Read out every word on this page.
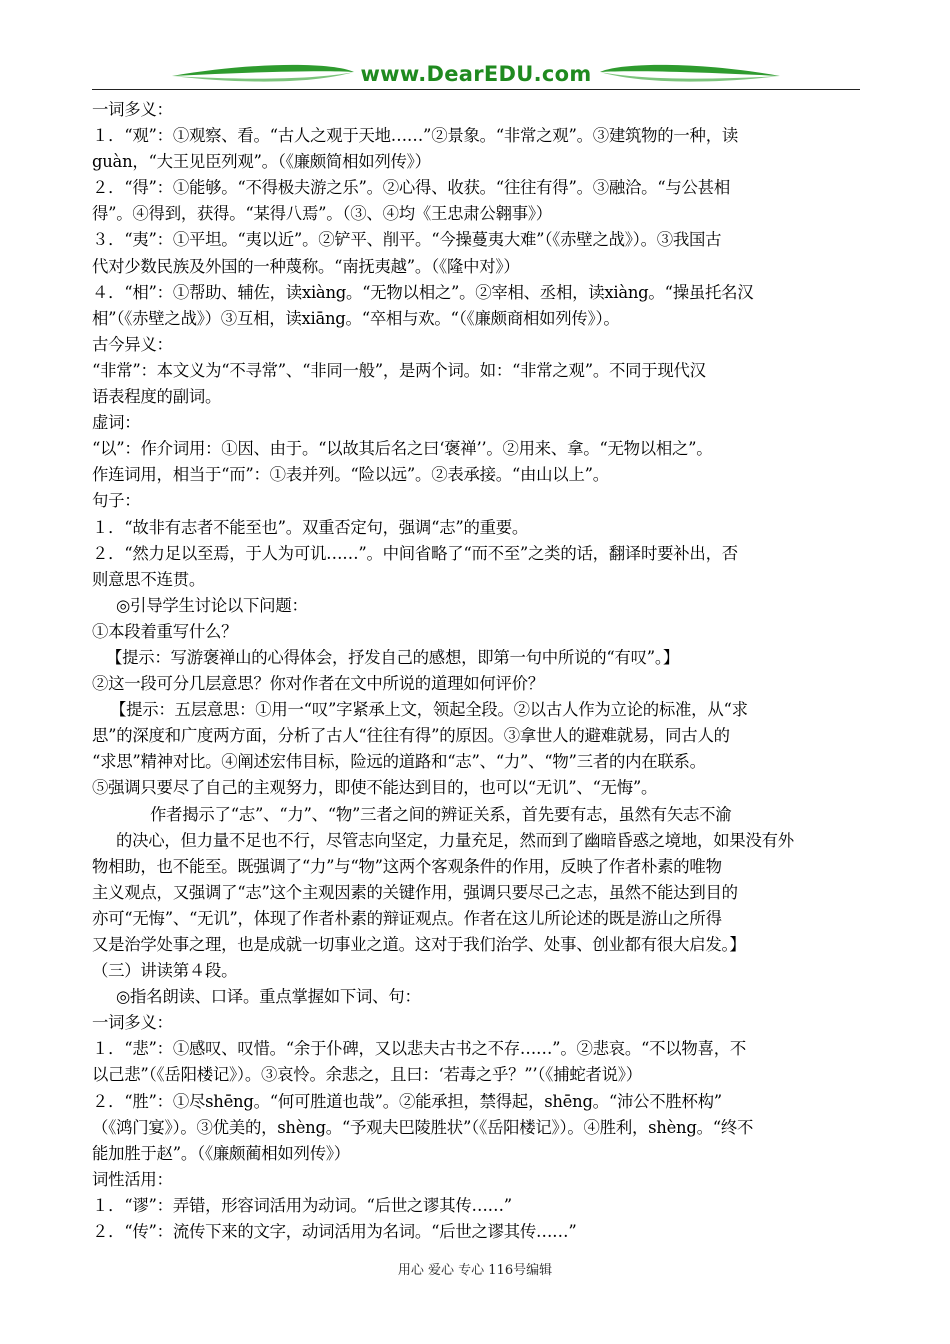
www.DearEDU.com
一词多义：
１．“观”：①观察、看。“古人之观于天地……”②景象。“非常之观”。③建筑物的一种，读
guàn，“大王见臣列观”。（《廉颇简相如列传》）
２．“得”：①能够。“不得极夫游之乐”。②心得、收获。“往往有得”。③融洽。“与公甚相
得”。④得到，获得。“某得八焉”。（③、④均《王忠肃公翱事》）
３．“夷”：①平坦。“夷以近”。②铲平、削平。“今操蔓夷大难”（《赤壁之战》）。③我国古
代对少数民族及外国的一种蔑称。“南抚夷越”。（《隆中对》）
４．“相”：①帮助、辅佐，读xiàng。“无物以相之”。②宰相、丞相，读xiàng。“操虽托名汉
相”（《赤壁之战》）③互相，读xiāng。“卒相与欢。“（《廉颇商相如列传》）。
古今异义：
“非常”：本文义为“不寻常”、“非同一般”，是两个词。如：“非常之观”。不同于现代汉
语表程度的副词。
虚词：
“以”：作介词用：①因、由于。“以故其后名之曰‘褒禅’’。②用来、拿。“无物以相之”。
作连词用，相当于“而”：①表并列。“险以远”。②表承接。“由山以上”。
句子：
１．“故非有志者不能至也”。双重否定句，强调“志”的重要。
２．“然力足以至焉，于人为可讥……”。中间省略了“而不至”之类的话，翻译时要补出，否
则意思不连贯。
◎引导学生讨论以下问题：
①本段着重写什么？
【提示：写游褒禅山的心得体会，抒发自己的感想，即第一句中所说的“有叹”。】
②这一段可分几层意思？你对作者在文中所说的道理如何评价？
【提示：五层意思：①用一“叹”字紧承上文，领起全段。②以古人作为立论的标准，从“求
思”的深度和广度两方面，分析了古人“往往有得”的原因。③拿世人的避难就易，同古人的
“求思”精神对比。④阐述宏伟目标，险远的道路和“志”、“力”、“物”三者的内在联系。
⑤强调只要尽了自己的主观努力，即使不能达到目的，也可以“无讥”、“无悔”。
作者揭示了“志”、“力”、“物”三者之间的辨证关系，首先要有志，虽然有矢志不渝
的决心，但力量不足也不行，尽管志向坚定，力量充足，然而到了幽暗昏惑之境地，如果没有外
物相助，也不能至。既强调了“力”与“物”这两个客观条件的作用，反映了作者朴素的唯物
主义观点，又强调了“志”这个主观因素的关键作用，强调只要尽己之志，虽然不能达到目的
亦可“无悔”、“无讥”，体现了作者朴素的辩证观点。作者在这儿所论述的既是游山之所得
又是治学处事之理，也是成就一切事业之道。这对于我们治学、处事、创业都有很大启发。】
（三）讲读第４段。
◎指名朗读、口译。重点掌握如下词、句：
一词多义：
１．“悲”：①感叹、叹惜。“余于仆碑，又以悲夫古书之不存……”。②悲哀。“不以物喜，不
以己悲”（《岳阳楼记》）。③哀怜。余悲之，且曰：‘若毒之乎？”’（《捕蛇者说》）
２．“胜”：①尽shēng。“何可胜道也哉”。②能承担，禁得起，shēng。“沛公不胜杯构”
（《鸿门宴》）。③优美的，shèng。“予观夫巴陵胜状”（《岳阳楼记》）。④胜利，shèng。“终不
能加胜于赵”。（《廉颇蔺相如列传》）
词性活用：
１．“谬”：弄错，形容词活用为动词。“后世之谬其传……”
２．“传”：流传下来的文字，动词活用为名词。“后世之谬其传……”
用心 爱心 专心 116号编辑
